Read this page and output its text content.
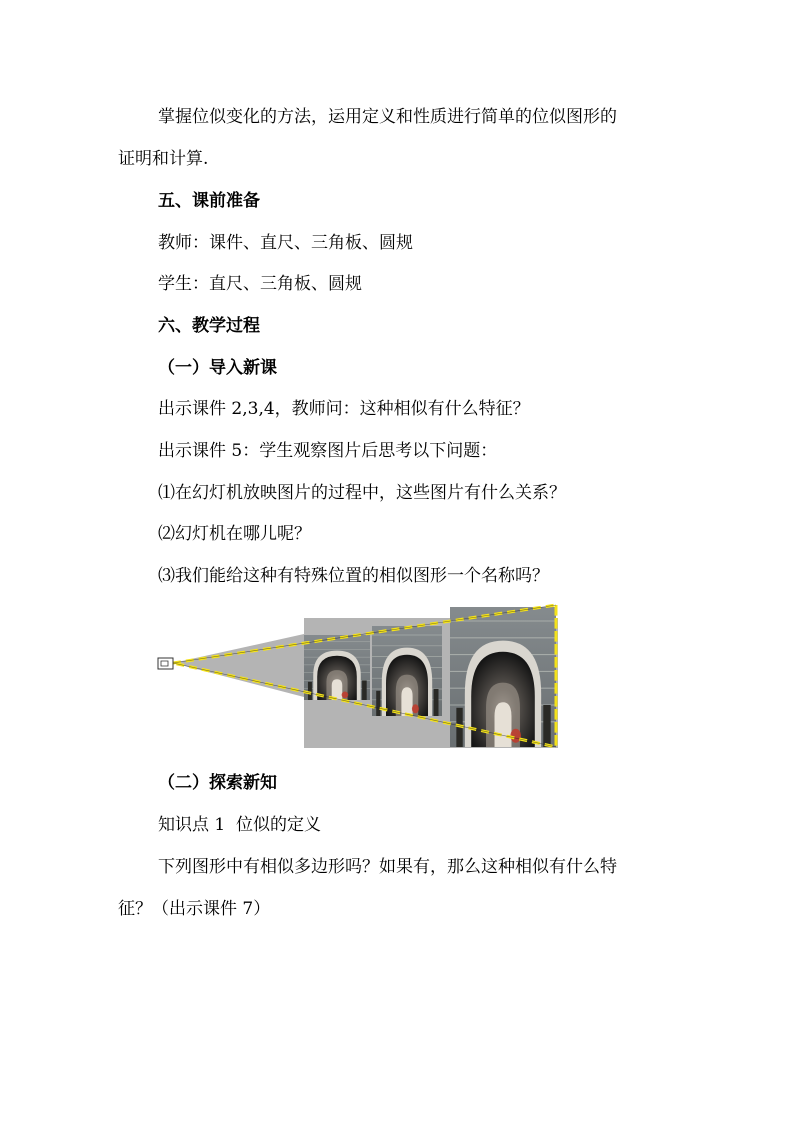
掌握位似变化的方法，运用定义和性质进行简单的位似图形的
证明和计算.
五、课前准备
教师：课件、直尺、三角板、圆规
学生：直尺、三角板、圆规
六、教学过程
（一）导入新课
出示课件 2,3,4，教师问：这种相似有什么特征？
出示课件 5：学生观察图片后思考以下问题：
⑴在幻灯机放映图片的过程中，这些图片有什么关系？
⑵幻灯机在哪儿呢？
⑶我们能给这种有特殊位置的相似图形一个名称吗？
（二）探索新知
知识点 1  位似的定义
下列图形中有相似多边形吗？如果有，那么这种相似有什么特
征？（出示课件 7）
